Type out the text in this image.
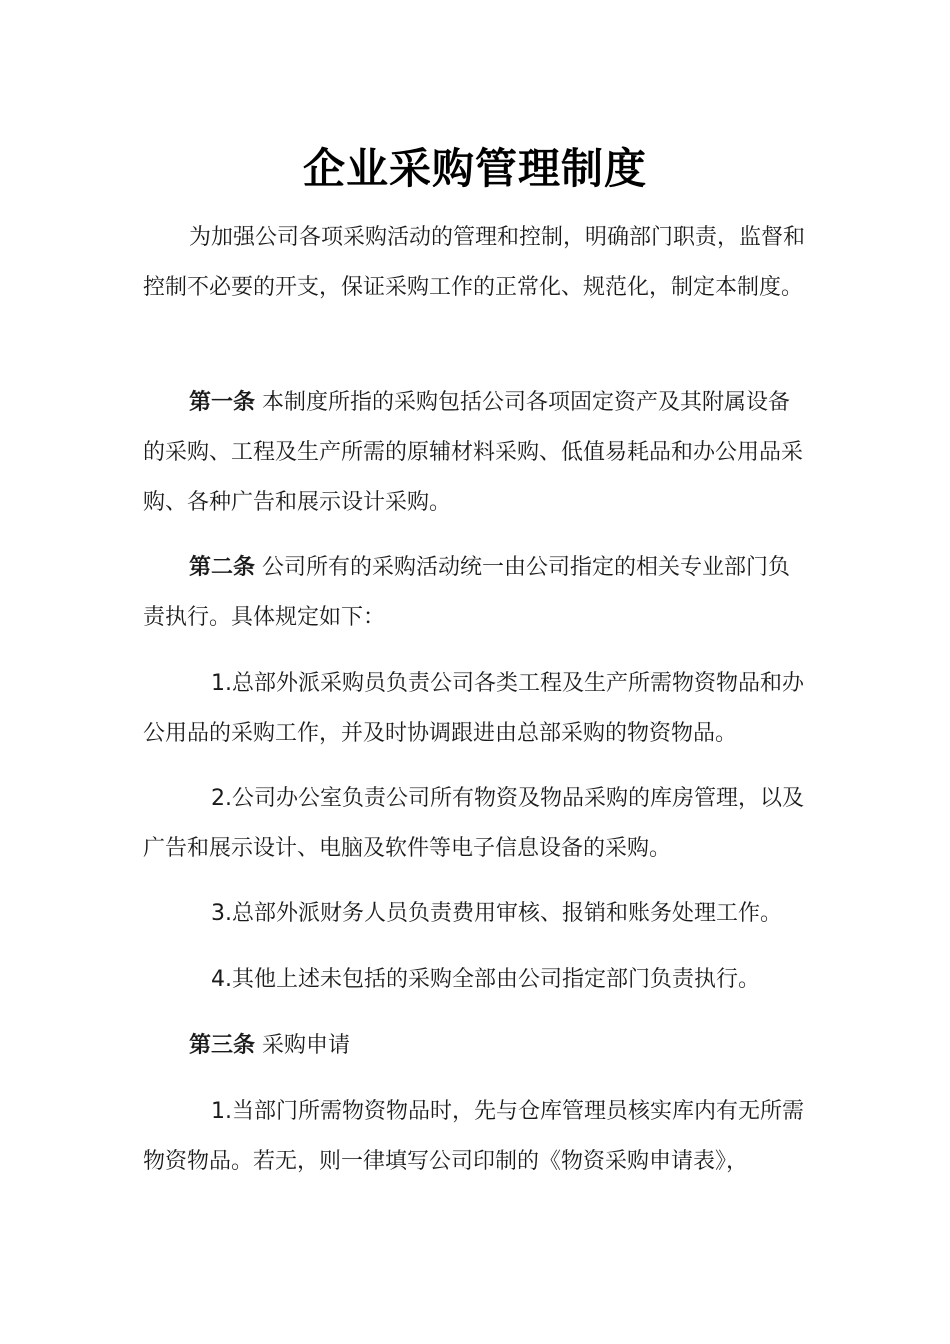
企业采购管理制度

为加强公司各项采购活动的管理和控制，明确部门职责，监督和控制不必要的开支，保证采购工作的正常化、规范化，制定本制度。

第一条 本制度所指的采购包括公司各项固定资产及其附属设备的采购、工程及生产所需的原辅材料采购、低值易耗品和办公用品采购、各种广告和展示设计采购。

第二条 公司所有的采购活动统一由公司指定的相关专业部门负责执行。具体规定如下：

1.总部外派采购员负责公司各类工程及生产所需物资物品和办公用品的采购工作，并及时协调跟进由总部采购的物资物品。

2.公司办公室负责公司所有物资及物品采购的库房管理，以及广告和展示设计、电脑及软件等电子信息设备的采购。

3.总部外派财务人员负责费用审核、报销和账务处理工作。

4.其他上述未包括的采购全部由公司指定部门负责执行。

第三条 采购申请

1.当部门所需物资物品时，先与仓库管理员核实库内有无所需物资物品。若无，则一律填写公司印制的《物资采购申请表》，
